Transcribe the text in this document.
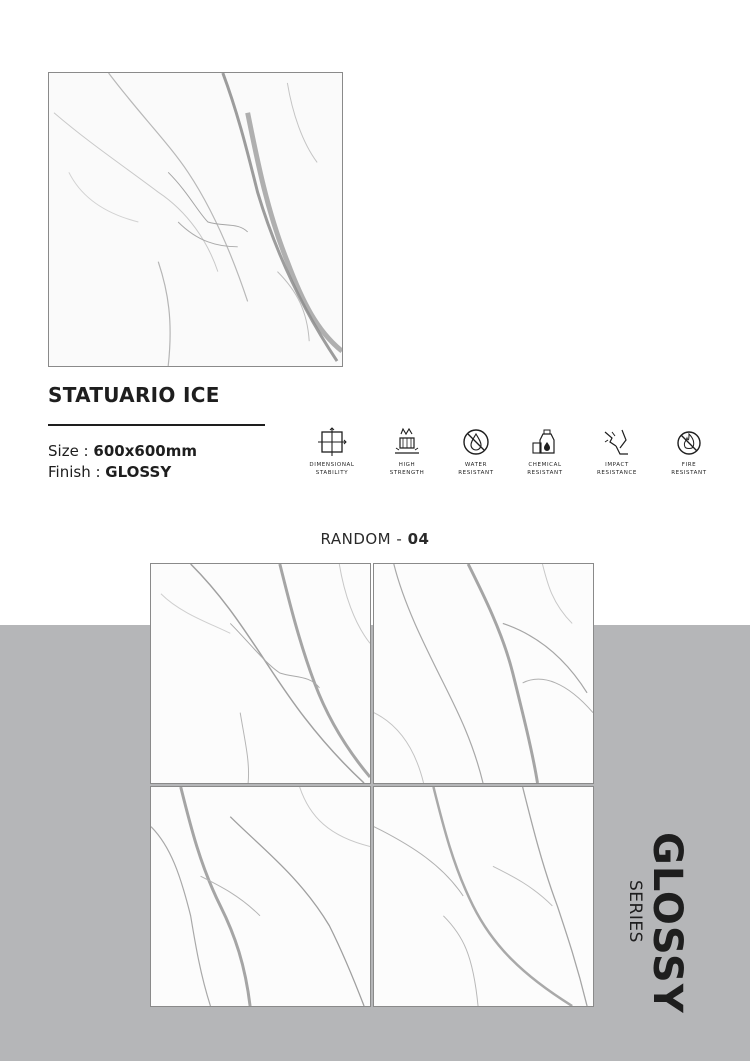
STATUARIO ICE
Size : 600x600mm
Finish : GLOSSY	DIMENSIONAL
STABILITY
HIGH
STRENGTH
WATER
RESISTANT
CHEMICAL
RESISTANT
IMPACT
RESISTANCE
FIRE
RESISTANT
RANDOM - 04
GLOSSY
SERIES
